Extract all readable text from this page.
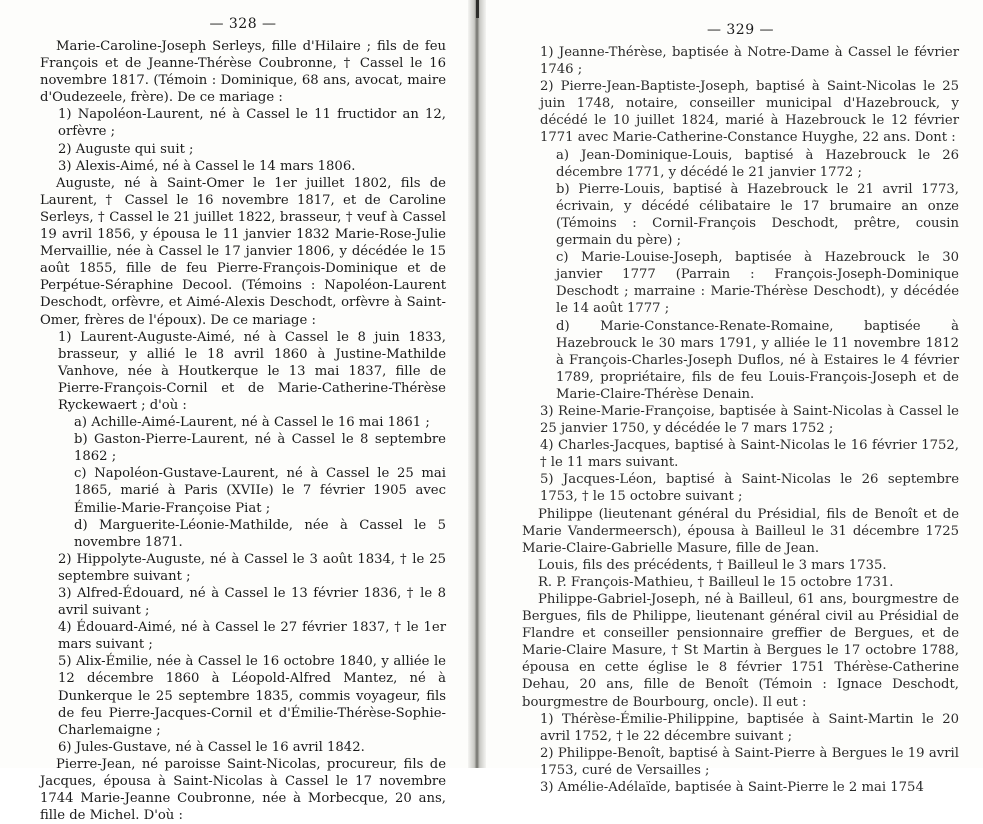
— 328 —

Marie-Caroline-Joseph Serleys, fille d'Hilaire ; fils de feu François et de Jeanne-Thérèse Coubronne, † Cassel le 16 novembre 1817. (Témoin : Dominique, 68 ans, avocat, maire d'Oudezeele, frère). De ce mariage :

1) Napoléon-Laurent, né à Cassel le 11 fructidor an 12, orfèvre ;

2) Auguste qui suit ;

3) Alexis-Aimé, né à Cassel le 14 mars 1806.

Auguste, né à Saint-Omer le 1er juillet 1802, fils de Laurent, † Cassel le 16 novembre 1817, et de Caroline Serleys, † Cassel le 21 juillet 1822, brasseur, † veuf à Cassel 19 avril 1856, y épousa le 11 janvier 1832 Marie-Rose-Julie Mervaillie, née à Cassel le 17 janvier 1806, y décédée le 15 août 1855, fille de feu Pierre-François-Dominique et de Perpétue-Séraphine Decool. (Témoins : Napoléon-Laurent Deschodt, orfèvre, et Aimé-Alexis Deschodt, orfèvre à Saint-Omer, frères de l'époux). De ce mariage :

1) Laurent-Auguste-Aimé, né à Cassel le 8 juin 1833, brasseur, y allié le 18 avril 1860 à Justine-Mathilde Vanhove, née à Houtkerque le 13 mai 1837, fille de Pierre-François-Cornil et de Marie-Catherine-Thérèse Ryckewaert ; d'où :

a) Achille-Aimé-Laurent, né à Cassel le 16 mai 1861 ;

b) Gaston-Pierre-Laurent, né à Cassel le 8 septembre 1862 ;

c) Napoléon-Gustave-Laurent, né à Cassel le 25 mai 1865, marié à Paris (XVIIe) le 7 février 1905 avec Émilie-Marie-Françoise Piat ;

d) Marguerite-Léonie-Mathilde, née à Cassel le 5 novembre 1871.

2) Hippolyte-Auguste, né à Cassel le 3 août 1834, † le 25 septembre suivant ;

3) Alfred-Édouard, né à Cassel le 13 février 1836, † le 8 avril suivant ;

4) Édouard-Aimé, né à Cassel le 27 février 1837, † le 1er mars suivant ;

5) Alix-Émilie, née à Cassel le 16 octobre 1840, y alliée le 12 décembre 1860 à Léopold-Alfred Mantez, né à Dunkerque le 25 septembre 1835, commis voyageur, fils de feu Pierre-Jacques-Cornil et d'Émilie-Thérèse-Sophie-Charlemaigne ;

6) Jules-Gustave, né à Cassel le 16 avril 1842.

Pierre-Jean, né paroisse Saint-Nicolas, procureur, fils de Jacques, épousa à Saint-Nicolas à Cassel le 17 novembre 1744 Marie-Jeanne Coubronne, née à Morbecque, 20 ans, fille de Michel. D'où :

— 329 —

1) Jeanne-Thérèse, baptisée à Notre-Dame à Cassel le février 1746 ;

2) Pierre-Jean-Baptiste-Joseph, baptisé à Saint-Nicolas le 25 juin 1748, notaire, conseiller municipal d'Hazebrouck, y décédé le 10 juillet 1824, marié à Hazebrouck le 12 février 1771 avec Marie-Catherine-Constance Huyghe, 22 ans. Dont :

a) Jean-Dominique-Louis, baptisé à Hazebrouck le 26 décembre 1771, y décédé le 21 janvier 1772 ;

b) Pierre-Louis, baptisé à Hazebrouck le 21 avril 1773, écrivain, y décédé célibataire le 17 brumaire an onze (Témoins : Cornil-François Deschodt, prêtre, cousin germain du père) ;

c) Marie-Louise-Joseph, baptisée à Hazebrouck le 30 janvier 1777 (Parrain : François-Joseph-Dominique Deschodt ; marraine : Marie-Thérèse Deschodt), y décédée le 14 août 1777 ;

d) Marie-Constance-Renate-Romaine, baptisée à Hazebrouck le 30 mars 1791, y alliée le 11 novembre 1812 à François-Charles-Joseph Duflos, né à Estaires le 4 février 1789, propriétaire, fils de feu Louis-François-Joseph et de Marie-Claire-Thérèse Denain.

3) Reine-Marie-Françoise, baptisée à Saint-Nicolas à Cassel le 25 janvier 1750, y décédée le 7 mars 1752 ;

4) Charles-Jacques, baptisé à Saint-Nicolas le 16 février 1752, † le 11 mars suivant.

5) Jacques-Léon, baptisé à Saint-Nicolas le 26 septembre 1753, † le 15 octobre suivant ;

Philippe (lieutenant général du Présidial, fils de Benoît et de Marie Vandermeersch), épousa à Bailleul le 31 décembre 1725 Marie-Claire-Gabrielle Masure, fille de Jean.

Louis, fils des précédents, † Bailleul le 3 mars 1735.

R. P. François-Mathieu, † Bailleul le 15 octobre 1731.

Philippe-Gabriel-Joseph, né à Bailleul, 61 ans, bourgmestre de Bergues, fils de Philippe, lieutenant général civil au Présidial de Flandre et conseiller pensionnaire greffier de Bergues, et de Marie-Claire Masure, † St Martin à Bergues le 17 octobre 1788, épousa en cette église le 8 février 1751 Thérèse-Catherine Dehau, 20 ans, fille de Benoît (Témoin : Ignace Deschodt, bourgmestre de Bourbourg, oncle). Il eut :

1) Thérèse-Émilie-Philippine, baptisée à Saint-Martin le 20 avril 1752, † le 22 décembre suivant ;

2) Philippe-Benoît, baptisé à Saint-Pierre à Bergues le 19 avril 1753, curé de Versailles ;

3) Amélie-Adélaïde, baptisée à Saint-Pierre le 2 mai 1754
